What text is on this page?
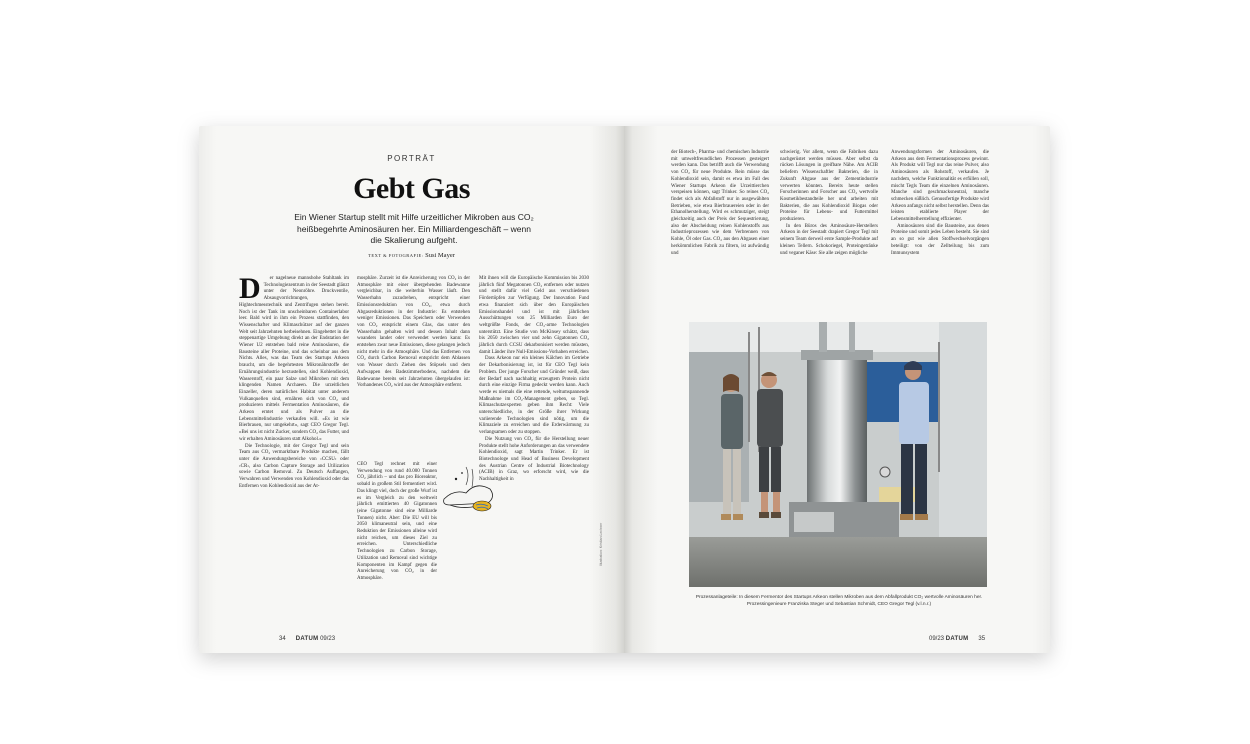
PORTRÄT
Gebt Gas
Ein Wiener Startup stellt mit Hilfe urzeitlicher Mikroben aus CO₂ heißbegehrte Aminosäuren her. Ein Milliardengeschäft – wenn die Skalierung aufgeht.
TEXT & FOTOGRAFIE: Susi Mayer
D	er nagelneue mannshohe Stahltank im Technologiezentrum in der Seestadt glänzt unter der Neonröhre. Druckventile, Absaugvorrichtungen, Hightechmesstechnik und Zentrifugen stehen bereit. Noch ist der Tank im unscheinbaren Containerlabor leer. Bald wird in ihm ein Prozess stattfinden, den Wissenschafter und Klimaschützer auf der ganzen Welt seit Jahrzehnten herbeisehnen. Eingebettet in die steppenartige Umgebung direkt an der Endstation der Wiener U2 entstehen bald reine Aminosäuren, die Bausteine aller Proteine, und das scheinbar aus dem Nichts. Alles, was das Team des Startups Arkeon braucht, um die begehrtesten Mikronährstoffe der Ernährungsindustrie herzustellen, sind Kohlendioxid, Wasserstoff, ein paar Salze und Mikroben mit dem klingenden Namen Archaeen. Die urzeitlichen Einzeller, deren natürliches Habitat unter anderem Vulkanquellen sind, ernähren sich von CO₂ und produzieren mittels Fermentation Aminosäuren, die Arkeon erntet und als Pulver an die Lebensmittelindustrie verkaufen will. »Es ist wie Bierbrauen, nur umgekehrt«, sagt CEO Gregor Tegl. »Bei uns ist nicht Zucker, sondern CO₂ das Futter, und wir erhalten Aminosäuren statt Alkohol.«

Die Technologie, mit der Gregor Tegl und sein Team aus CO₂ vermarktbare Produkte machen, fällt unter die Anwendungsbereiche von ›CCSU‹ oder ›CR‹, also Carbon Capture Storage and Utilization sowie Carbon Removal. Zu Deutsch Auffangen, Verwahren und Verwenden von Kohlendioxid oder das Entfernen von Kohlendioxid aus der At-

mosphäre. Zurzeit ist die Anreicherung von CO₂ in der Atmosphäre mit einer übergehenden Badewanne vergleichbar, in die weiterhin Wasser läuft. Den Wasserhahn zuzudrehen, entspricht einer Emissionsreduktion von CO₂, etwa durch Abgasreduktionen in der Industrie: Es entstehen weniger Emissionen. Das Speichern oder Verwenden von CO₂ entspricht einem Glas, das unter den Wasserhahn gehalten wird und dessen Inhalt dann woanders landet oder verwendet werden kann: Es entstehen zwar neue Emissionen, diese gelangen jedoch nicht mehr in die Atmosphäre. Und das Entfernen von CO₂ durch Carbon Removal entspricht dem Ablassen von Wasser durch Ziehen des Stöpsels und dem Aufwappen des Badezimmerbodens, nachdem die Badewanne bereits seit Jahrzehnten übergelaufen ist: Vorhandenes CO₂ wird aus der Atmosphäre entfernt.

CEO Tegl rechnet mit einer Verwendung von rund 40.000 Tonnen CO₂ jährlich – und das pro Bioreaktor, sobald in großem Stil fermentiert wird. Das klingt viel, doch der große Wurf ist es im Vergleich zu den weltweit jährlich emittierten 40 Gigatonnen (eine Gigatonne sind eine Milliarde Tonnen) nicht. Aber: Die EU will bis 2050 klimaneutral sein, und eine Reduktion der Emissionen alleine wird nicht reichen, um dieses Ziel zu erreichen. Unterschiedliche Technologien zu Carbon Storage, Utilization und Removal sind wichtige Komponenten im Kampf gegen die Anreicherung von CO₂ in der Atmosphäre.

Mit ihnen will die Europäische Kommission bis 2030 jährlich fünf Megatonnen CO₂ entfernen oder nutzen und stellt dafür viel Geld aus verschiedenen Fördertöpfen zur Verfügung. Der Innovation Fund etwa finanziert sich über den Europäischen Emissionshandel und ist mit jährlichen Ausschüttungen von 25 Milliarden Euro der weltgrößte Fonds, der CO₂-arme Technologien unterstützt. Eine Studie von McKinsey schätzt, dass bis 2050 zwischen vier und zehn Gigatonnen CO₂ jährlich durch CCSU dekarbonisiert werden müssten, damit Länder ihre Null-Emissions-Vorhaben erreichen.

Dass Arkeon nur ein kleines Kälchen im Getriebe der Dekarbonisierung ist, ist für CEO Tegl kein Problem. Der junge Forscher und Gründer weiß, dass der Bedarf nach nachhaltig erzeugtem Protein nicht durch eine einzige Firma gedeckt werden kann. Auch werde es niemals die eine rettende, weltumspannende Maßnahme im CO₂-Management geben, so Tegl. Klimaschutzexperten geben ihm Recht: Viele unterschiedliche, in der Größe ihrer Wirkung variierende Technologien sind nötig, um die Klimaziele zu erreichen und die Erderwärmung zu verlangsamen oder zu stoppen.

Die Nutzung von CO₂ für die Herstellung neuer Produkte stellt hohe Anforderungen an das verwendete Kohlendioxid, sagt Martin Trinker. Er ist Biotechnologe und Head of Business Development des Austrian Centre of Industrial Biotechnology (ACIB) in Graz, wo erforscht wird, wie die Nachhaltigkeit in

Illustration: Kristian Lechner
34 DATUM 09/23

der Biotech-, Pharma- und chemischen Industrie mit umweltfreundlichen Prozessen gesteigert werden kann. Das betrifft auch die Verwendung von CO₂ für neue Produkte. Rein müsse das Kohlendioxid sein, damit es etwa im Fall des Wiener Startups Arkeon die Urzeittierchen verspeisen können, sagt Trinker. So reines CO₂ findet sich als Abfallstoff nur in ausgewählten Betrieben, wie etwa Bierbrauereien oder in der Ethanolherstellung. Wird es schmutziger, steigt gleichzeitig auch der Preis der Sequestrierung, also der Abscheidung reinen Kohlenstoffs aus Industrieprozessen wie dem Verbrennen von Kohle, Öl oder Gas. CO₂ aus den Abgasen einer herkömmlichen Fabrik zu filtern, ist aufwändig und

schwierig. Vor allem, wenn die Fabriken dazu nachgerüstet werden müssen. Aber selbst da rücken Lösungen in greifbare Nähe. Am ACIB beliefern Wissenschaftler Bakterien, die in Zukunft Abgase aus der Zementindustrie verwerten könnten. Bereits heute stellen Forscherinnen und Forscher aus CO₂ wertvolle Kosmetikbestandteile her und arbeiten mit Bakterien, die aus Kohlendioxid Biogas oder Proteine für Lebens- und Futtermittel produzieren.

In den Büros des Aminosäure-Herstellers Arkeon in der Seestadt drapiert Gregor Tegl mit seinem Team derweil erste Sample-Produkte auf kleinen Tellern. Schokoriegel, Proteingetränke und veganer Käse: Sie alle zeigen mögliche

Anwendungsformen der Aminosäuren, die Arkeon aus dem Fermentationsprozess gewinnt. Als Produkt will Tegl nur das reine Pulver, also Aminosäuren als Rohstoff, verkaufen. Je nachdem, welche Funktionalität es erfüllen soll, mischt Tegls Team die einzelnen Aminosäuren. Manche sind geschmacksneutral, manche schmecken süßlich. Genussfertige Produkte wird Arkeon anfangs nicht selbst herstellen. Denn das leisten etablierte Player der Lebensmittelherstellung effizienter.

Aminosäuren sind die Bausteine, aus denen Proteine und somit jedes Leben besteht. Sie sind an so gut wie allen Stoffwechselvorgängen beteiligt: von der Zellteilung bis zum Immunsystem

Prozessanlageteile: In diesem Fermentor des Startups Arkeon stellen Mikroben aus dem Abfallprodukt CO₂ wertvolle Aminosäuren her. Prozessingenieure Franziska Steger und Sebastian Schmidt, CEO Gregor Tegl (v.l.n.r.)
09/23 DATUM 35
